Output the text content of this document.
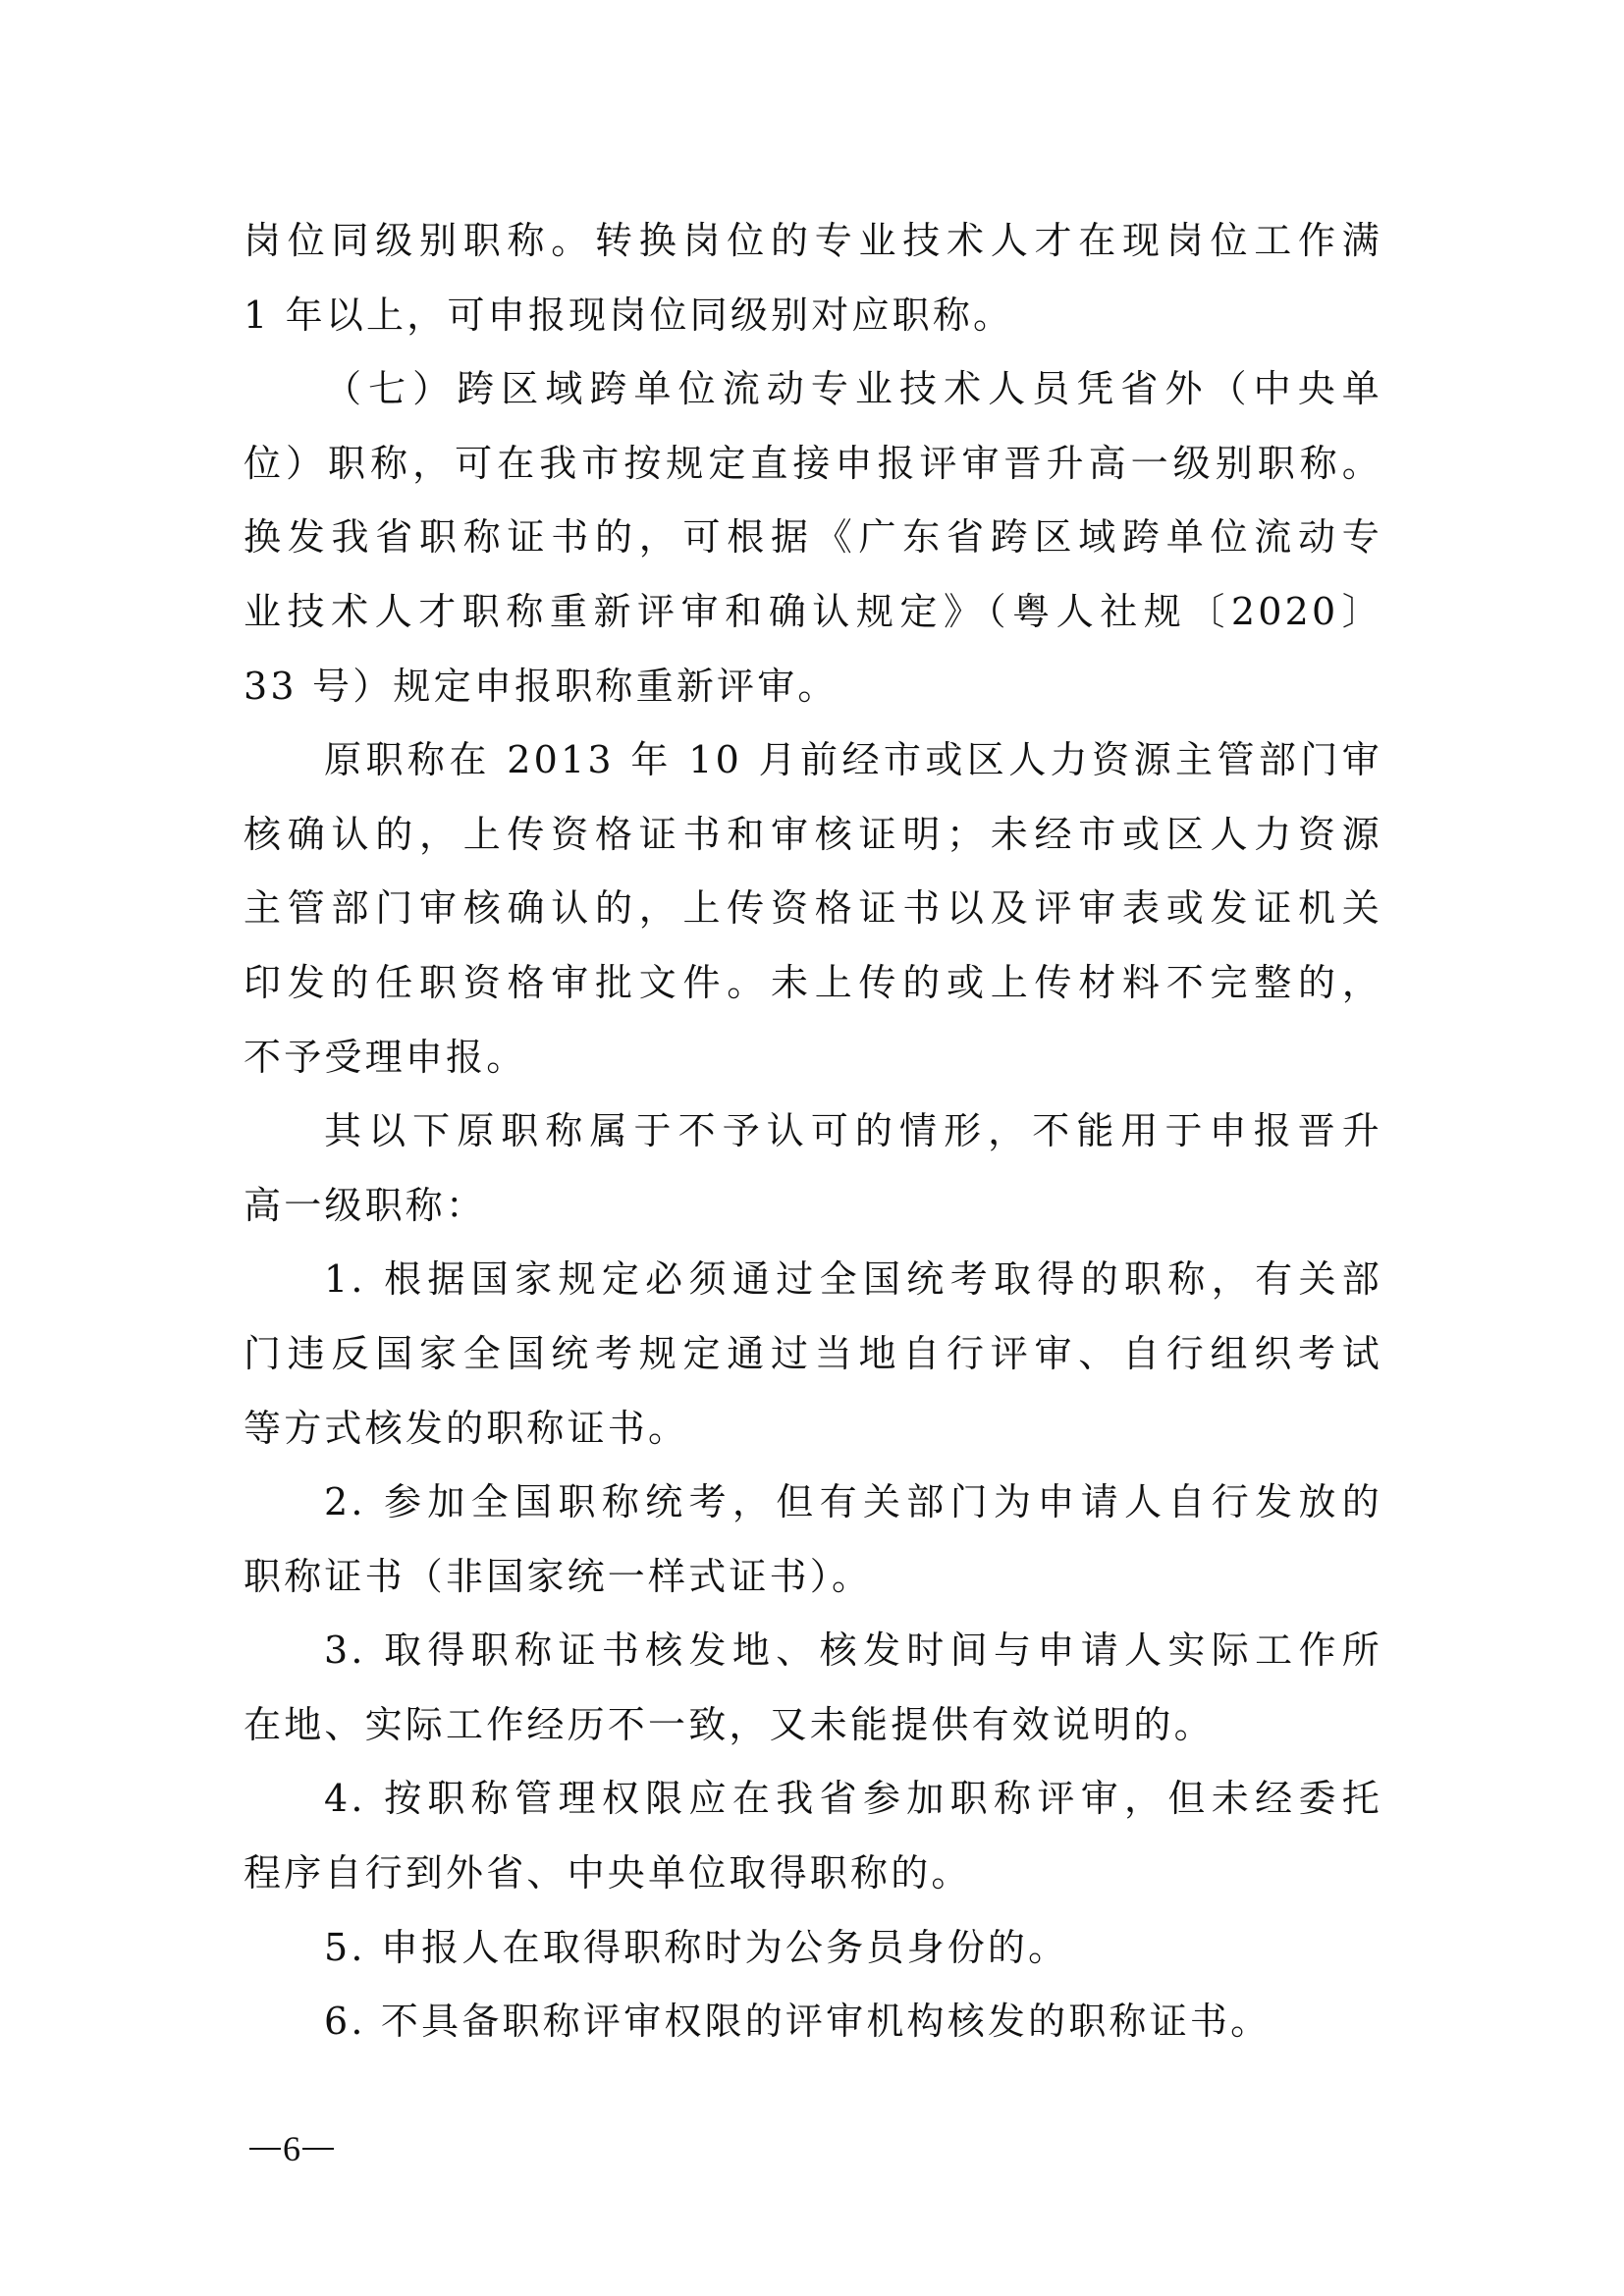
岗位同级别职称。转换岗位的专业技术人才在现岗位工作满
1 年以上，可申报现岗位同级别对应职称。
（七）跨区域跨单位流动专业技术人员凭省外（中央单
位）职称，可在我市按规定直接申报评审晋升高一级别职称。
换发我省职称证书的，可根据《广东省跨区域跨单位流动专
业技术人才职称重新评审和确认规定》（粤人社规〔2020〕
33 号）规定申报职称重新评审。
原职称在 2013 年 10 月前经市或区人力资源主管部门审
核确认的，上传资格证书和审核证明；未经市或区人力资源
主管部门审核确认的，上传资格证书以及评审表或发证机关
印发的任职资格审批文件。未上传的或上传材料不完整的，
不予受理申报。
其以下原职称属于不予认可的情形，不能用于申报晋升
高一级职称：
1. 根据国家规定必须通过全国统考取得的职称，有关部
门违反国家全国统考规定通过当地自行评审、自行组织考试
等方式核发的职称证书。
2. 参加全国职称统考，但有关部门为申请人自行发放的
职称证书（非国家统一样式证书）。
3. 取得职称证书核发地、核发时间与申请人实际工作所
在地、实际工作经历不一致，又未能提供有效说明的。
4. 按职称管理权限应在我省参加职称评审，但未经委托
程序自行到外省、中央单位取得职称的。
5. 申报人在取得职称时为公务员身份的。
6. 不具备职称评审权限的评审机构核发的职称证书。
6
